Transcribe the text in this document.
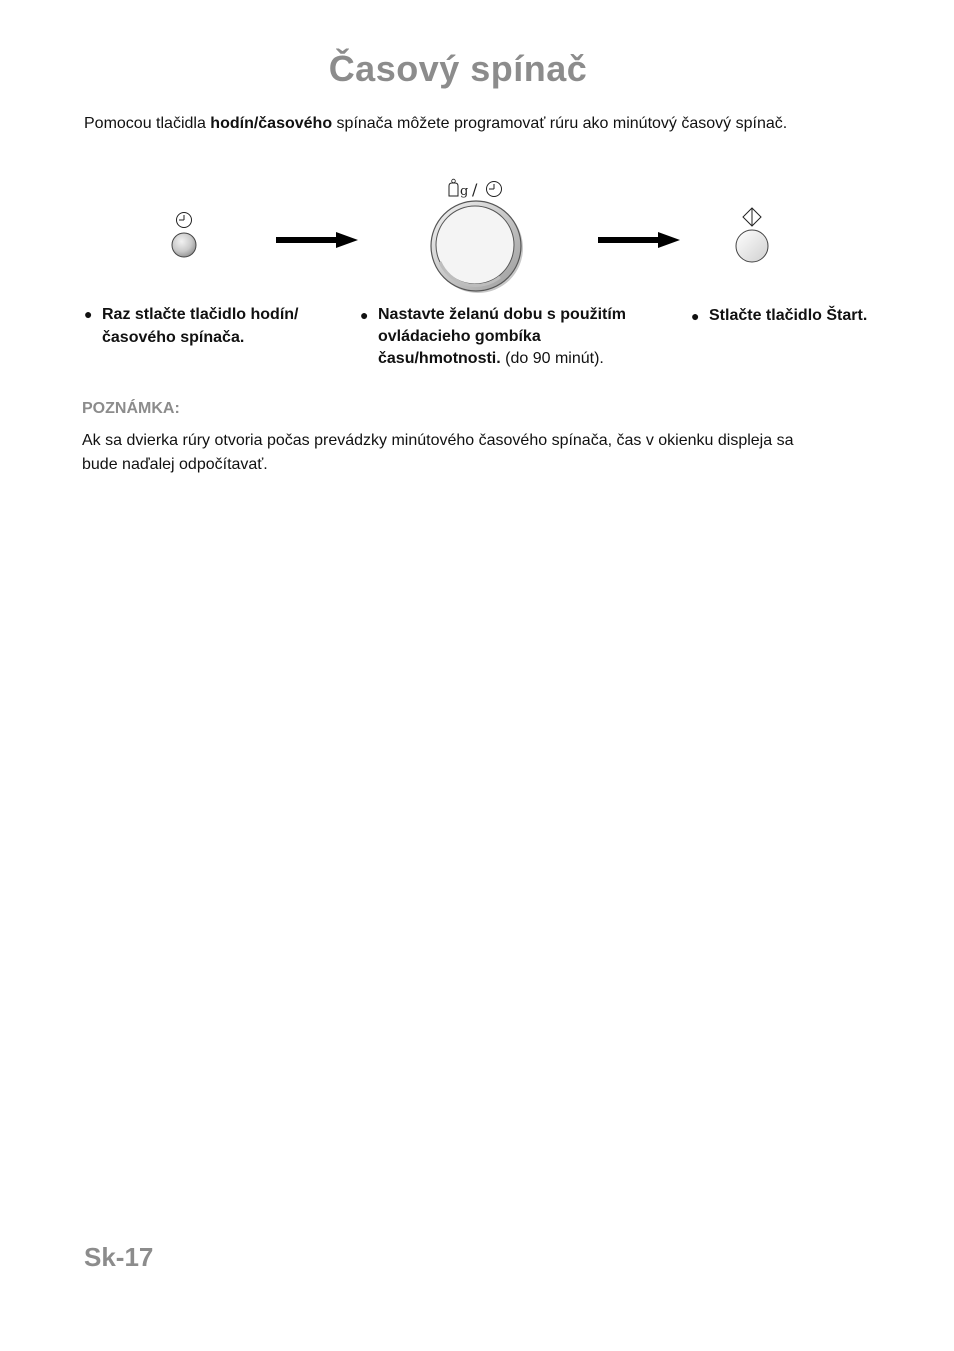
Časový spínač

Pomocou tlačidla hodín/časového spínača môžete programovať rúru ako minútový časový spínač.

g /

● Raz stlačte tlačidlo hodín/časového spínača.

● Nastavte želanú dobu s použitím ovládacieho gombíka času/hmotnosti. (do 90 minút).

● Stlačte tlačidlo Štart.

POZNÁMKA:

Ak sa dvierka rúry otvoria počas prevádzky minútového časového spínača, čas v okienku displeja sa bude naďalej odpočítavať.

Sk-17
